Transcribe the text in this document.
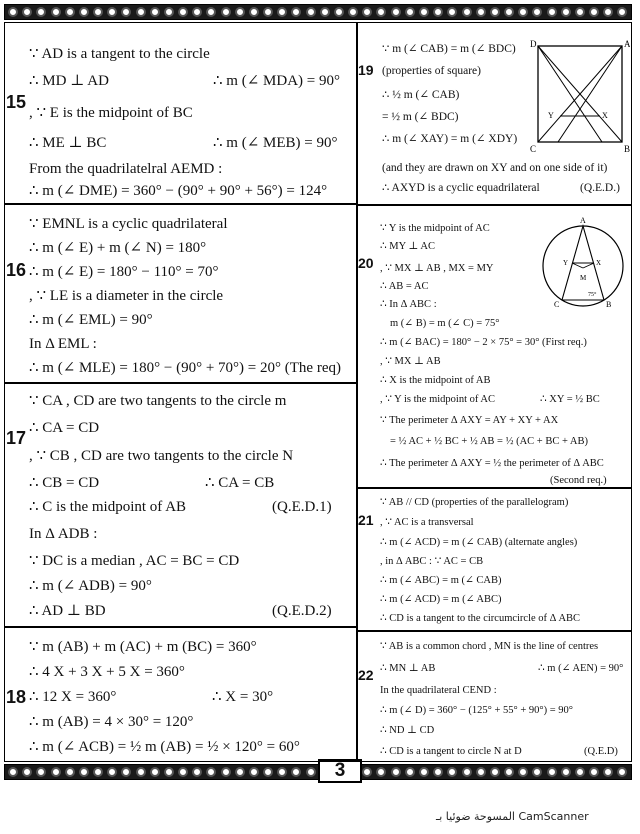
3
15
∵ AD is a tangent to the circle
∴ MD ⊥ AD	∴ m (∠ MDA) = 90°
, ∵ E is the midpoint of BC
∴ ME ⊥ BC	∴ m (∠ MEB) = 90°
From the quadrilatelral AEMD :
∴ m (∠ DME) = 360° − (90° + 90° + 56°) = 124°
16
∵ EMNL is a cyclic quadrilateral
∴ m (∠ E) + m (∠ N) = 180°
∴ m (∠ E) = 180° − 110° = 70°
, ∵ LE is a diameter in the circle
∴ m (∠ EML) = 90°
In Δ EML :
∴ m (∠ MLE) = 180° − (90° + 70°) = 20° (The req)
17
∵ CA , CD are two tangents to the circle m
∴ CA = CD
, ∵ CB , CD are two tangents to the circle N
∴ CB = CD	∴ CA = CB
∴ C is the midpoint of AB	(Q.E.D.1)
In Δ ADB :
∵ DC is a median , AC = BC = CD
∴ m (∠ ADB) = 90°
∴ AD ⊥ BD	(Q.E.D.2)
18
∵ m (AB) + m (AC) + m (BC) = 360°
∴ 4 X + 3 X + 5 X = 360°
∴ 12 X = 360°	∴ X = 30°
∴ m (AB) = 4 × 30° = 120°
∴ m (∠ ACB) = ½ m (AB) = ½ × 120° = 60°
19
∵ m (∠ CAB) = m (∠ BDC)
(properties of square)
∴ ½ m (∠ CAB)
= ½ m (∠ BDC)
∴ m (∠ XAY) = m (∠ XDY)
(and they are drawn on XY and on one side of it)
∴ AXYD is a cyclic equadrilateral	(Q.E.D.)
D	A
Y	X
C	B
20
∵ Y is the midpoint of AC
∴ MY ⊥ AC
, ∵ MX ⊥ AB , MX = MY
∴ AB = AC
∴ In Δ ABC :
m (∠ B) = m (∠ C) = 75°
∴ m (∠ BAC) = 180° − 2 × 75° = 30° (First req.)
, ∵ MX ⊥ AB
∴ X is the midpoint of AB
, ∵ Y is the midpoint of AC	∴ XY = ½ BC
∵ The perimeter Δ AXY = AY + XY + AX
= ½ AC + ½ BC + ½ AB = ½ (AC + BC + AB)
∴ The perimeter Δ AXY = ½ the perimeter of Δ ABC
(Second req.)
A
Y	X
M
75°
C	B
21
∵ AB // CD (properties of the parallelogram)
, ∵ AC is a transversal
∴ m (∠ ACD) = m (∠ CAB) (alternate angles)
, in Δ ABC : ∵ AC = CB
∴ m (∠ ABC) = m (∠ CAB)
∴ m (∠ ACD) = m (∠ ABC)
∴ CD is a tangent to the circumcircle of Δ ABC
22
∵ AB is a common chord , MN is the line of centres
∴ MN ⊥ AB	∴ m (∠ AEN) = 90°
In the quadrilateral CEND :
∴ m (∠ D) = 360° − (125° + 55° + 90°) = 90°
∴ ND ⊥ CD
∴ CD is a tangent to circle N at D	(Q.E.D)
المسوحة ضوئيا بـ CamScanner
